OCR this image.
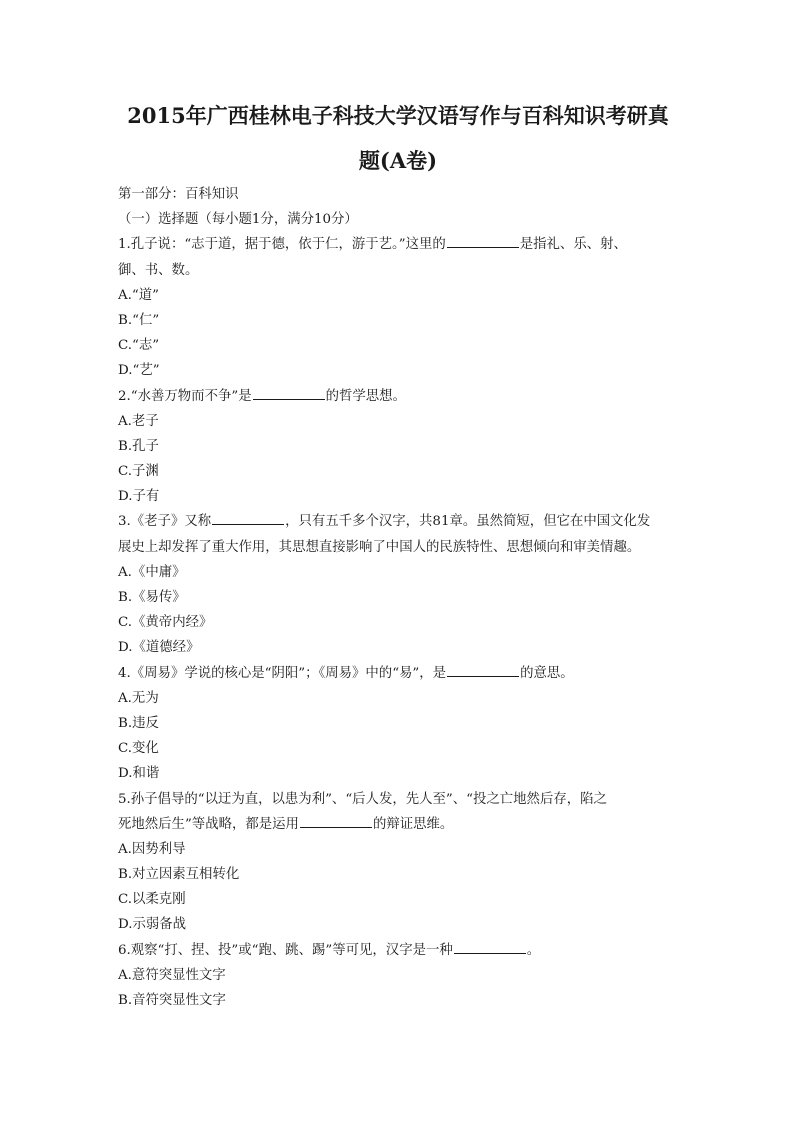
2015年广西桂林电子科技大学汉语写作与百科知识考研真
题(A卷)
第一部分：百科知识
（一）选择题（每小题1分，满分10分）
1.孔子说：“志于道，据于德，依于仁，游于艺。”这里的	是指礼、乐、射、
御、书、数。
A.“道”
B.“仁”
C.“志”
D.“艺”
2.“水善万物而不争”是	的哲学思想。
A.老子
B.孔子
C.子渊
D.子有
3.《老子》又称	，只有五千多个汉字，共81章。虽然简短，但它在中国文化发
展史上却发挥了重大作用，其思想直接影响了中国人的民族特性、思想倾向和审美情趣。
A.《中庸》
B.《易传》
C.《黄帝内经》
D.《道德经》
4.《周易》学说的核心是“阴阳”；《周易》中的“易”，是	的意思。
A.无为
B.违反
C.变化
D.和谐
5.孙子倡导的“以迂为直，以患为利”、“后人发，先人至”、“投之亡地然后存，陷之
死地然后生”等战略，都是运用	的辩证思维。
A.因势利导
B.对立因素互相转化
C.以柔克刚
D.示弱备战
6.观察“打、捏、投”或“跑、跳、踢”等可见，汉字是一种	。
A.意符突显性文字
B.音符突显性文字
